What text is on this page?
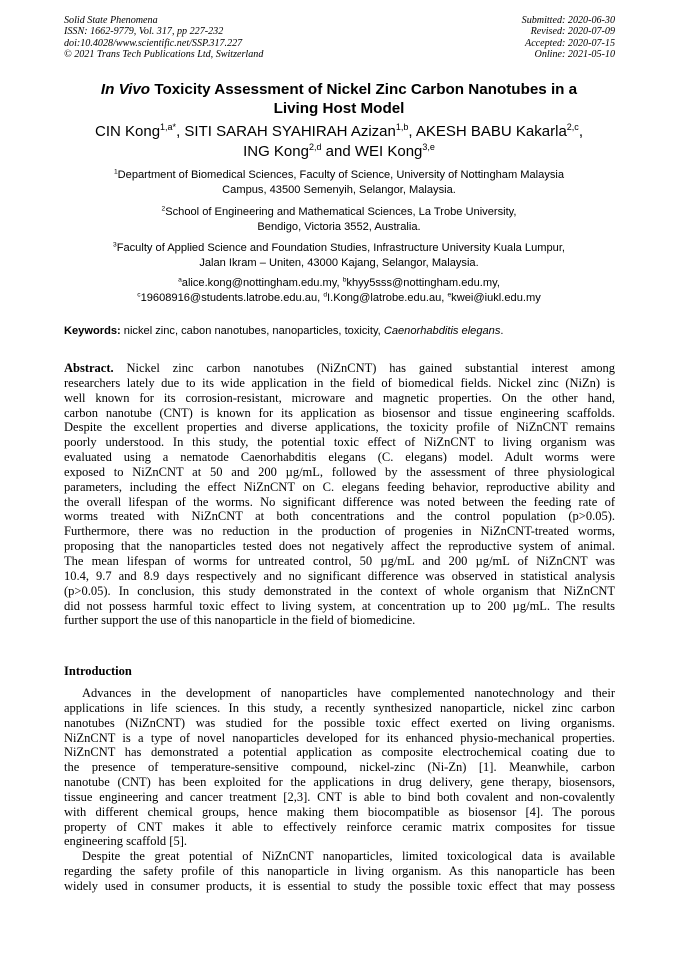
Solid State Phenomena
ISSN: 1662-9779, Vol. 317, pp 227-232
doi:10.4028/www.scientific.net/SSP.317.227
© 2021 Trans Tech Publications Ltd, Switzerland
Submitted: 2020-06-30
Revised: 2020-07-09
Accepted: 2020-07-15
Online: 2021-05-10
In Vivo Toxicity Assessment of Nickel Zinc Carbon Nanotubes in a
Living Host Model
CIN Kong$^{1,a*}$, SITI SARAH SYAHIRAH Azizan$^{1,b}$, AKESH BABU Kakarla$^{2,c}$,
ING Kong$^{2,d}$ and WEI Kong$^{3,e}$
$^1$Department of Biomedical Sciences, Faculty of Science, University of Nottingham Malaysia
Campus, 43500 Semenyih, Selangor, Malaysia.
$^2$School of Engineering and Mathematical Sciences, La Trobe University,
Bendigo, Victoria 3552, Australia.
$^3$Faculty of Applied Science and Foundation Studies, Infrastructure University Kuala Lumpur,
Jalan Ikram – Uniten, 43000 Kajang, Selangor, Malaysia.
$^a$alice.kong@nottingham.edu.my, $^b$khyy5sss@nottingham.edu.my,
$^c$19608916@students.latrobe.edu.au, $^d$I.Kong@latrobe.edu.au, $^e$kwei@iukl.edu.my
Keywords: nickel zinc, cabon nanotubes, nanoparticles, toxicity, Caenorhabditis elegans.
Abstract. Nickel zinc carbon nanotubes (NiZnCNT) has gained substantial interest among
researchers lately due to its wide application in the field of biomedical fields. Nickel zinc (NiZn) is
well known for its corrosion-resistant, microware and magnetic properties. On the other hand,
carbon nanotube (CNT) is known for its application as biosensor and tissue engineering scaffolds.
Despite the excellent properties and diverse applications, the toxicity profile of NiZnCNT remains
poorly understood. In this study, the potential toxic effect of NiZnCNT to living organism was
evaluated using a nematode Caenorhabditis elegans (C. elegans) model. Adult worms were
exposed to NiZnCNT at 50 and 200 µg/mL, followed by the assessment of three physiological
parameters, including the effect NiZnCNT on C. elegans feeding behavior, reproductive ability and
the overall lifespan of the worms. No significant difference was noted between the feeding rate of
worms treated with NiZnCNT at both concentrations and the control population (p>0.05).
Furthermore, there was no reduction in the production of progenies in NiZnCNT-treated worms,
proposing that the nanoparticles tested does not negatively affect the reproductive system of animal.
The mean lifespan of worms for untreated control, 50 µg/mL and 200 µg/mL of NiZnCNT was
10.4, 9.7 and 8.9 days respectively and no significant difference was observed in statistical analysis
(p>0.05). In conclusion, this study demonstrated in the context of whole organism that NiZnCNT
did not possess harmful toxic effect to living system, at concentration up to 200 µg/mL. The results
further support the use of this nanoparticle in the field of biomedicine.
Introduction
Advances in the development of nanoparticles have complemented nanotechnology and their
applications in life sciences. In this study, a recently synthesized nanoparticle, nickel zinc carbon
nanotubes (NiZnCNT) was studied for the possible toxic effect exerted on living organisms.
NiZnCNT is a type of novel nanoparticles developed for its enhanced physio-mechanical properties.
NiZnCNT has demonstrated a potential application as composite electrochemical coating due to
the presence of temperature-sensitive compound, nickel-zinc (Ni-Zn) [1]. Meanwhile, carbon
nanotube (CNT) has been exploited for the applications in drug delivery, gene therapy, biosensors,
tissue engineering and cancer treatment [2,3]. CNT is able to bind both covalent and non-covalently
with different chemical groups, hence making them biocompatible as biosensor [4]. The porous
property of CNT makes it able to effectively reinforce ceramic matrix composites for tissue
engineering scaffold [5].
Despite the great potential of NiZnCNT nanoparticles, limited toxicological data is available
regarding the safety profile of this nanoparticle in living organism. As this nanoparticle has been
widely used in consumer products, it is essential to study the possible toxic effect that may possess
